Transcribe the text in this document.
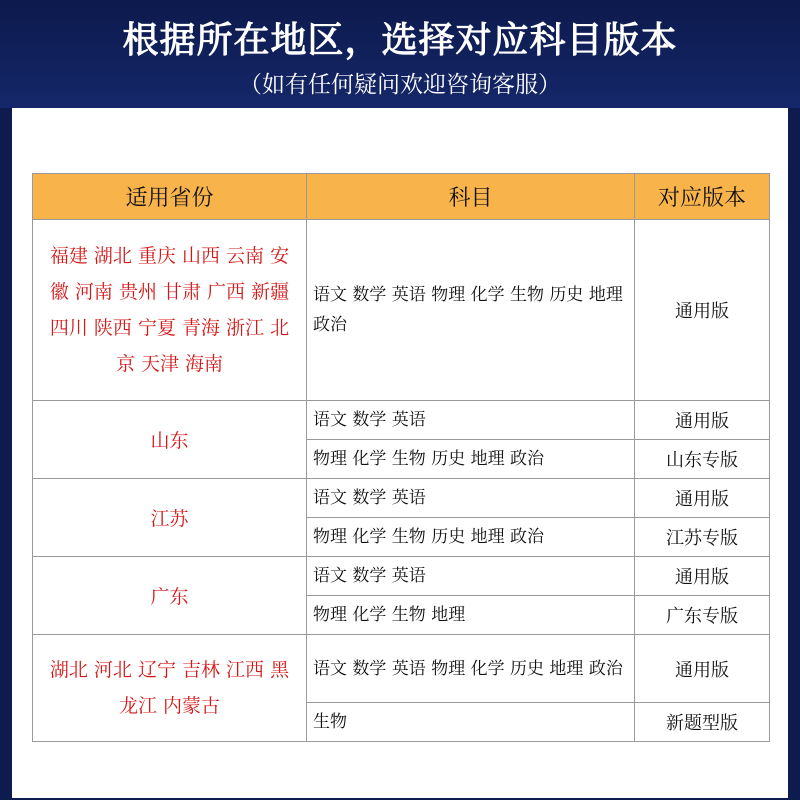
根据所在地区，选择对应科目版本
（如有任何疑问欢迎咨询客服）
适用省份	科目	对应版本
福建 湖北 重庆 山西 云南 安徽 河南 贵州 甘肃 广西 新疆 四川 陕西 宁夏 青海 浙江 北京 天津 海南	语文 数学 英语 物理 化学 生物 历史 地理 政治	通用版
山东	语文 数学 英语	通用版
	物理 化学 生物 历史 地理 政治	山东专版
江苏	语文 数学 英语	通用版
	物理 化学 生物 历史 地理 政治	江苏专版
广东	语文 数学 英语	通用版
	物理 化学 生物 地理	广东专版
湖北 河北 辽宁 吉林 江西 黑龙江 内蒙古	语文 数学 英语 物理 化学 历史 地理 政治	通用版
	生物	新题型版
